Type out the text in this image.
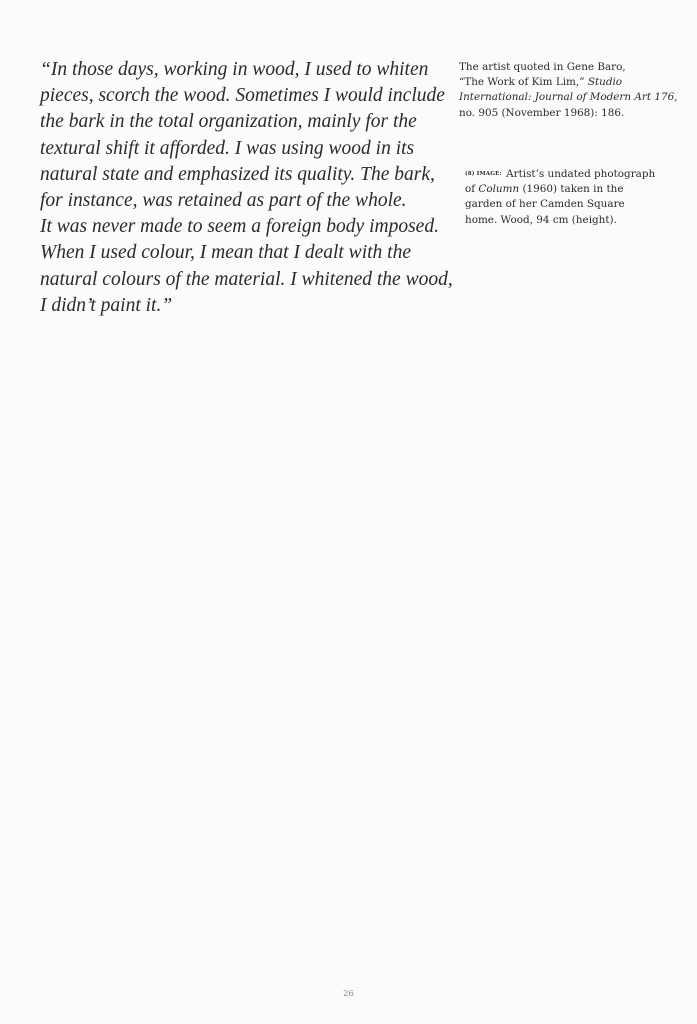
“In those days, working in wood, I used to whiten
pieces, scorch the wood. Sometimes I would include
the bark in the total organization, mainly for the
textural shift it afforded. I was using wood in its
natural state and emphasized its quality. The bark,
for instance, was retained as part of the whole.
It was never made to seem a foreign body imposed.
When I used colour, I mean that I dealt with the
natural colours of the material. I whitened the wood,
I didn’t paint it.”
The artist quoted in Gene Baro,
“The Work of Kim Lim,” Studio
International: Journal of Modern Art 176,
no. 905 (November 1968): 186.
(8) IMAGE: Artist’s undated photograph
of Column (1960) taken in the
garden of her Camden Square
home. Wood, 94 cm (height).
26
